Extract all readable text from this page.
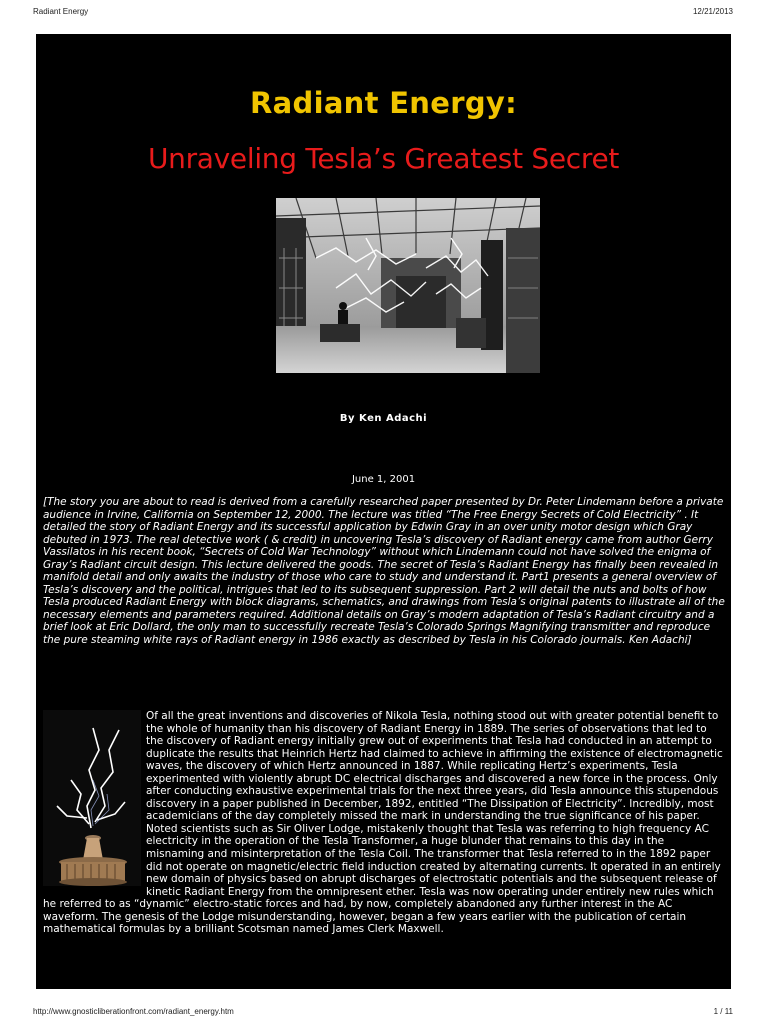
Radiant Energy	12/21/2013
Radiant Energy:
Unraveling Tesla’s Greatest Secret
By Ken Adachi
June 1, 2001

[The story you are about to read is derived from a carefully researched paper presented by Dr. Peter Lindemann before a private audience in Irvine, California on September 12, 2000. The lecture was titled “The Free Energy Secrets of Cold Electricity” . It detailed the story of Radiant Energy and its successful application by Edwin Gray in an over unity motor design which Gray debuted in 1973. The real detective work ( & credit) in uncovering Tesla’s discovery of Radiant energy came from author Gerry Vassilatos in his recent book, “Secrets of Cold War Technology” without which Lindemann could not have solved the enigma of Gray’s Radiant circuit design. This lecture delivered the goods. The secret of Tesla’s Radiant Energy has finally been revealed in manifold detail and only awaits the industry of those who care to study and understand it. Part1 presents a general overview of Tesla’s discovery and the political, intrigues that led to its subsequent suppression. Part 2 will detail the nuts and bolts of how Tesla produced Radiant Energy with block diagrams, schematics, and drawings from Tesla’s original patents to illustrate all of the necessary elements and parameters required. Additional details on Gray’s modern adaptation of Tesla’s Radiant circuitry and a brief look at Eric Dollard, the only man to successfully recreate Tesla’s Colorado Springs Magnifying transmitter and reproduce the pure steaming white rays of Radiant energy in 1986 exactly as described by Tesla in his Colorado journals. Ken Adachi]

Of all the great inventions and discoveries of Nikola Tesla, nothing stood out with greater potential benefit to the whole of humanity than his discovery of Radiant Energy in 1889. The series of observations that led to the discovery of Radiant energy initially grew out of experiments that Tesla had conducted in an attempt to duplicate the results that Heinrich Hertz had claimed to achieve in affirming the existence of electromagnetic waves, the discovery of which Hertz announced in 1887. While replicating Hertz’s experiments, Tesla experimented with violently abrupt DC electrical discharges and discovered a new force in the process. Only after conducting exhaustive experimental trials for the next three years, did Tesla announce this stupendous discovery in a paper published in December, 1892, entitled “The Dissipation of Electricity”. Incredibly, most academicians of the day completely missed the mark in understanding the true significance of his paper. Noted scientists such as Sir Oliver Lodge, mistakenly thought that Tesla was referring to high frequency AC electricity in the operation of the Tesla Transformer, a huge blunder that remains to this day in the misnaming and misinterpretation of the Tesla Coil. The transformer that Tesla referred to in the 1892 paper did not operate on magnetic/electric field induction created by alternating currents. It operated in an entirely new domain of physics based on abrupt discharges of electrostatic potentials and the subsequent release of kinetic Radiant Energy from the omnipresent ether. Tesla was now operating under entirely new rules which he referred to as “dynamic” electro-static forces and had, by now, completely abandoned any further interest in the AC waveform. The genesis of the Lodge misunderstanding, however, began a few years earlier with the publication of certain mathematical formulas by a brilliant Scotsman named James Clerk Maxwell.
http://www.gnosticliberationfront.com/radiant_energy.htm	1 / 11
